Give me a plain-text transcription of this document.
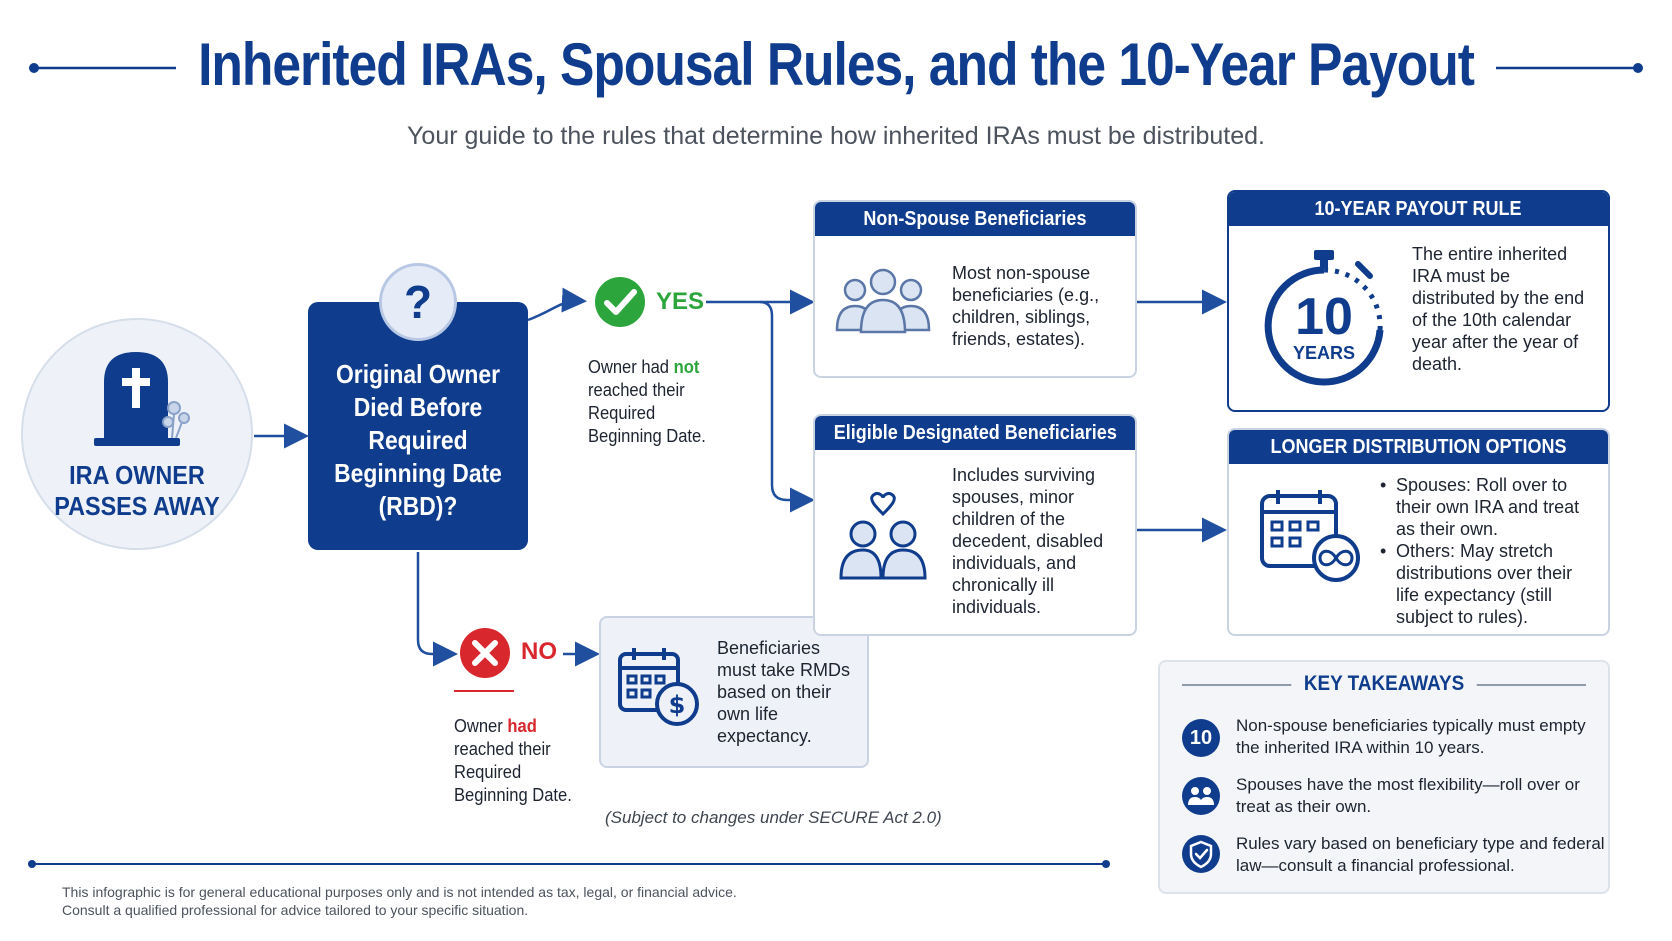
Inherited IRAs, Spousal Rules, and the 10-Year Payout
Your guide to the rules that determine how inherited IRAs must be distributed.
IRA OWNER
PASSES AWAY
?
Original Owner
Died Before
Required
Beginning Date
(RBD)?
YES
Owner had not
reached their
Required
Beginning Date.
NO
Owner had
reached their
Required
Beginning Date.
$
Beneficiaries must take RMDs based on their own life expectancy.
(Subject to changes under SECURE Act 2.0)
Non-Spouse Beneficiaries
Most non-spouse beneficiaries (e.g., children, siblings, friends, estates).
Eligible Designated Beneficiaries
Includes surviving spouses, minor children of the decedent, disabled individuals, and chronically ill individuals.
10-YEAR PAYOUT RULE
10
YEARS
The entire inherited IRA must be distributed by the end of the 10th calendar year after the year of death.
LONGER DISTRIBUTION OPTIONS
• Spouses: Roll over to their own IRA and treat as their own.
• Others: May stretch distributions over their life expectancy (still subject to rules).
KEY TAKEAWAYS
10
Non-spouse beneficiaries typically must empty the inherited IRA within 10 years.
Spouses have the most flexibility—roll over or treat as their own.
Rules vary based on beneficiary type and federal law—consult a financial professional.
This infographic is for general educational purposes only and is not intended as tax, legal, or financial advice.
Consult a qualified professional for advice tailored to your specific situation.
